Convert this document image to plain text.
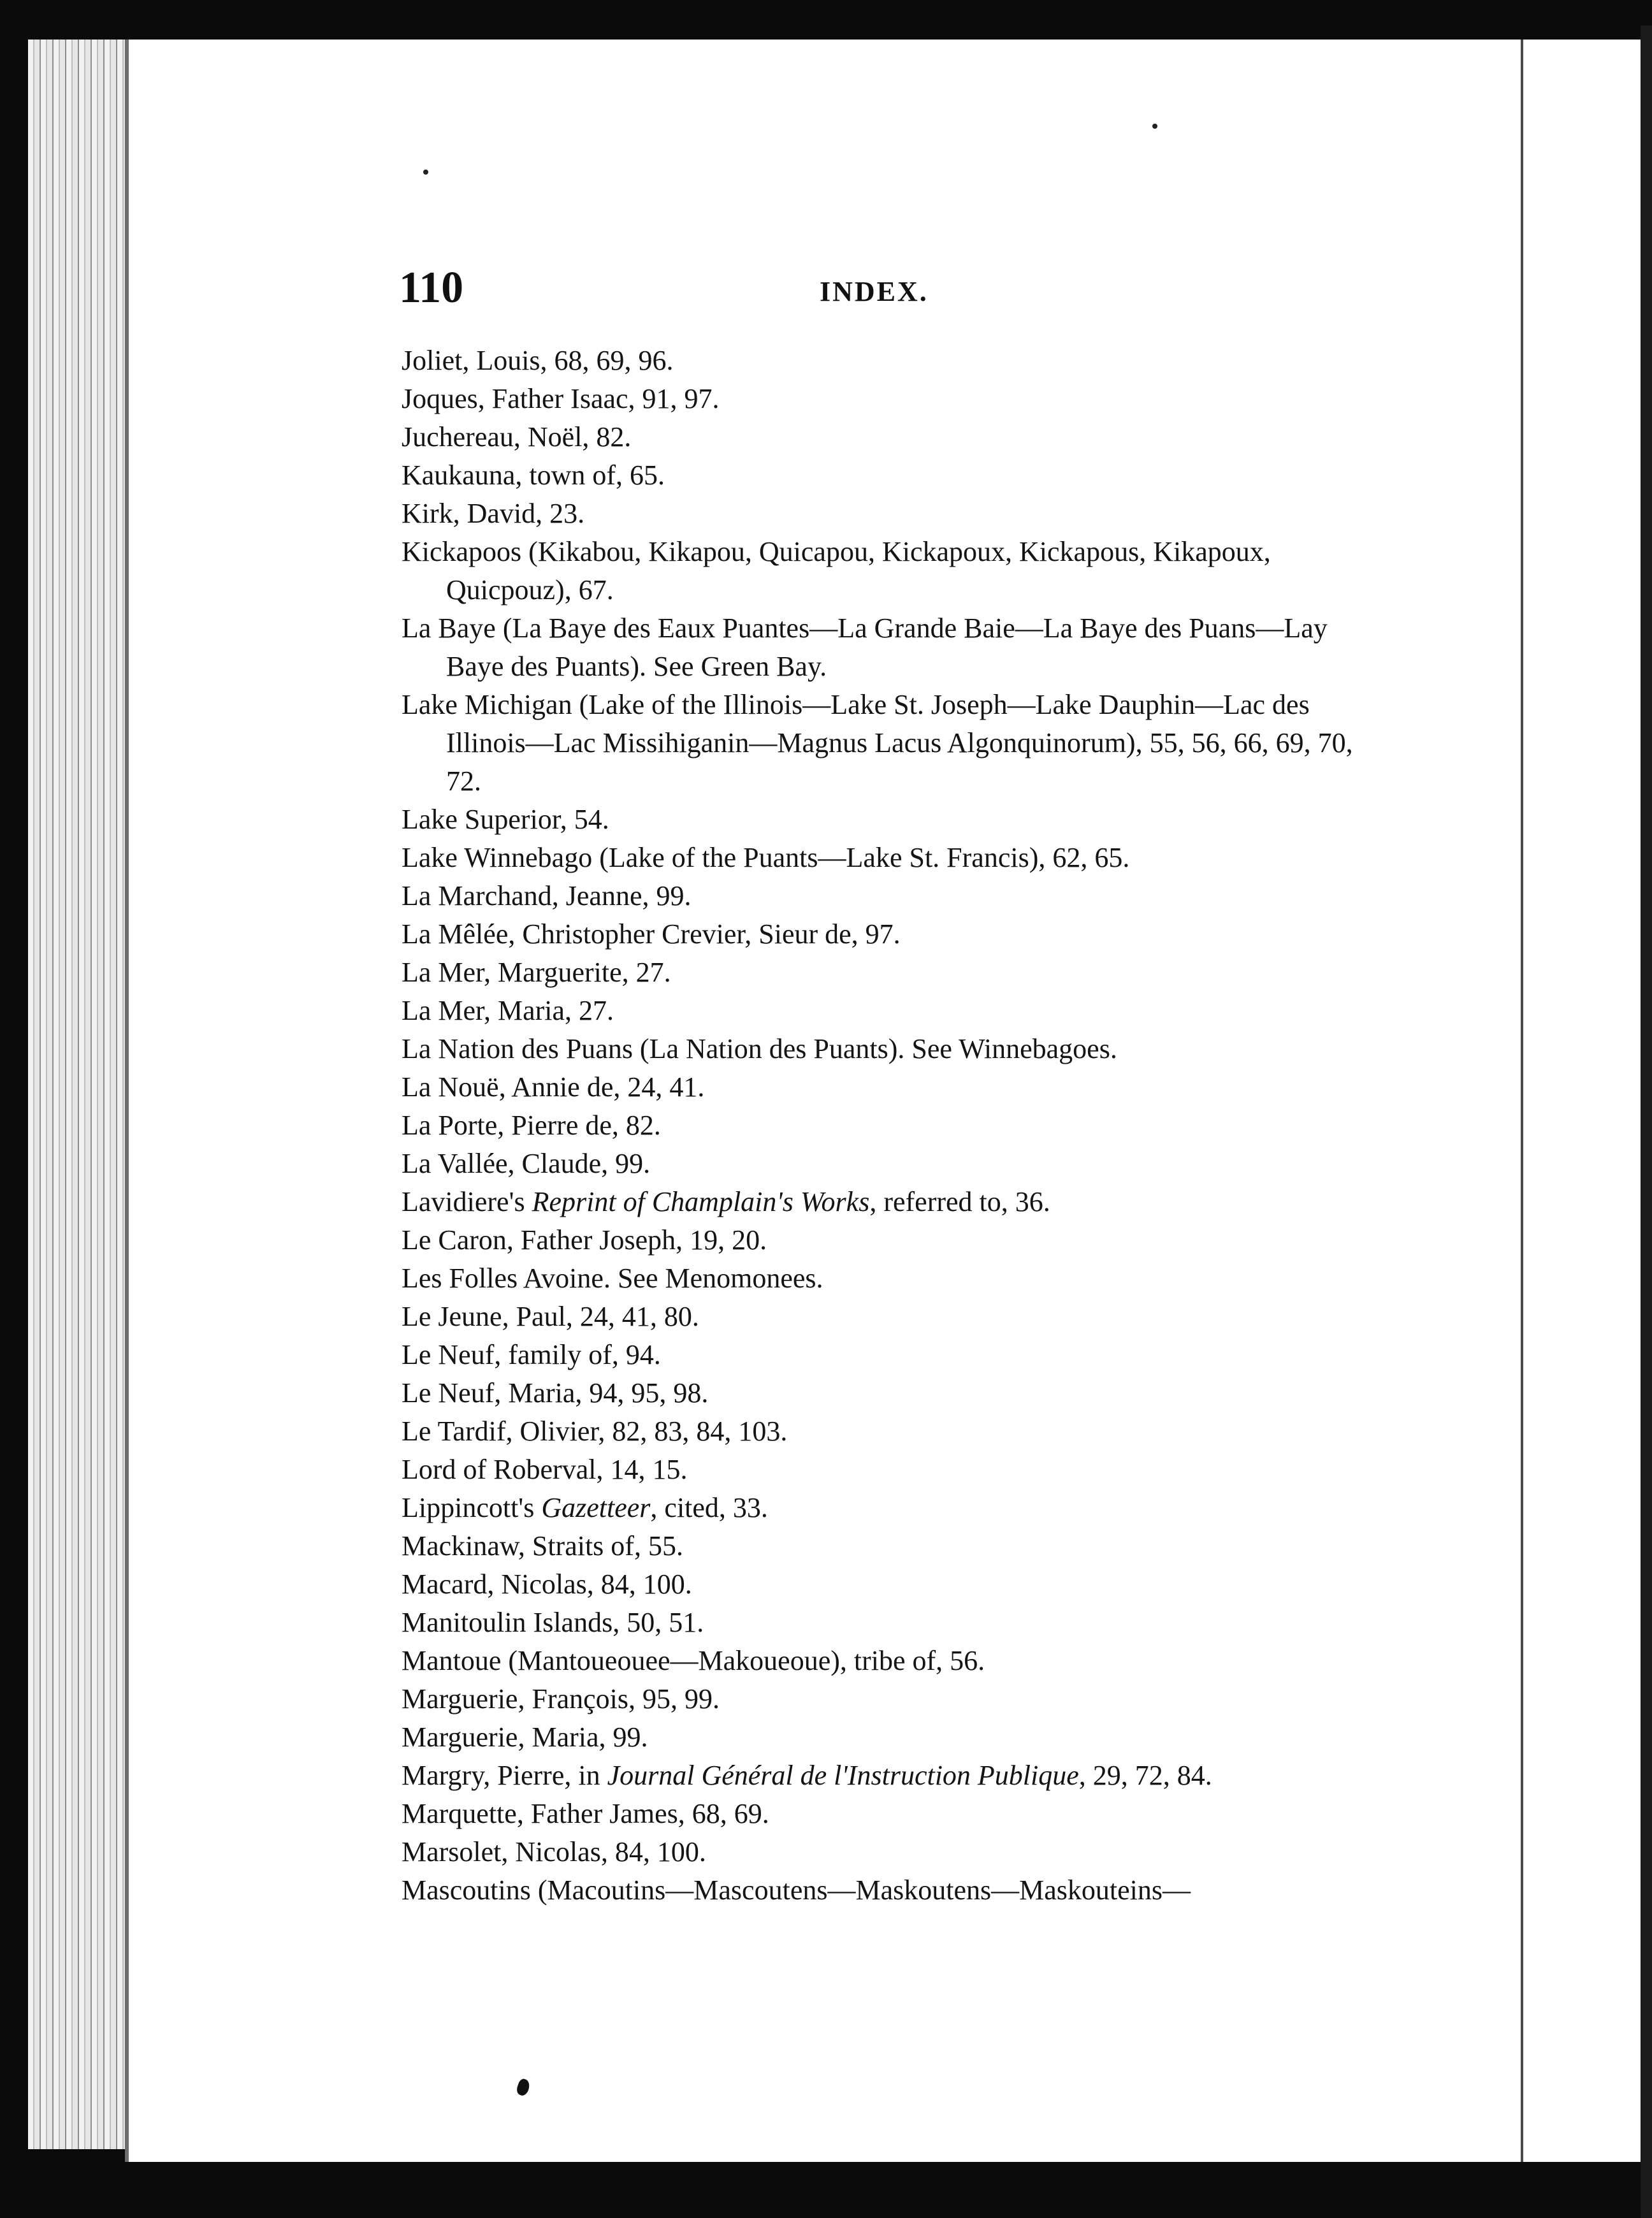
110	INDEX.
Joliet, Louis, 68, 69, 96.
Joques, Father Isaac, 91, 97.
Juchereau, Noël, 82.
Kaukauna, town of, 65.
Kirk, David, 23.
Kickapoos (Kikabou, Kikapou, Quicapou, Kickapoux, Kickapous, Kikapoux, Quicpouz), 67.
La Baye (La Baye des Eaux Puantes—La Grande Baie—La Baye des Puans—Lay Baye des Puants). See Green Bay.
Lake Michigan (Lake of the Illinois—Lake St. Joseph—Lake Dauphin—Lac des Illinois—Lac Missihiganin—Magnus Lacus Algonquinorum), 55, 56, 66, 69, 70, 72.
Lake Superior, 54.
Lake Winnebago (Lake of the Puants—Lake St. Francis), 62, 65.
La Marchand, Jeanne, 99.
La Mêlée, Christopher Crevier, Sieur de, 97.
La Mer, Marguerite, 27.
La Mer, Maria, 27.
La Nation des Puans (La Nation des Puants). See Winnebagoes.
La Nouë, Annie de, 24, 41.
La Porte, Pierre de, 82.
La Vallée, Claude, 99.
Lavidiere's Reprint of Champlain's Works, referred to, 36.
Le Caron, Father Joseph, 19, 20.
Les Folles Avoine. See Menomonees.
Le Jeune, Paul, 24, 41, 80.
Le Neuf, family of, 94.
Le Neuf, Maria, 94, 95, 98.
Le Tardif, Olivier, 82, 83, 84, 103.
Lord of Roberval, 14, 15.
Lippincott's Gazetteer, cited, 33.
Mackinaw, Straits of, 55.
Macard, Nicolas, 84, 100.
Manitoulin Islands, 50, 51.
Mantoue (Mantoueouee—Makoueoue), tribe of, 56.
Marguerie, François, 95, 99.
Marguerie, Maria, 99.
Margry, Pierre, in Journal Général de l'Instruction Publique, 29, 72, 84.
Marquette, Father James, 68, 69.
Marsolet, Nicolas, 84, 100.
Mascoutins (Macoutins—Mascoutens—Maskoutens—Maskouteins—
